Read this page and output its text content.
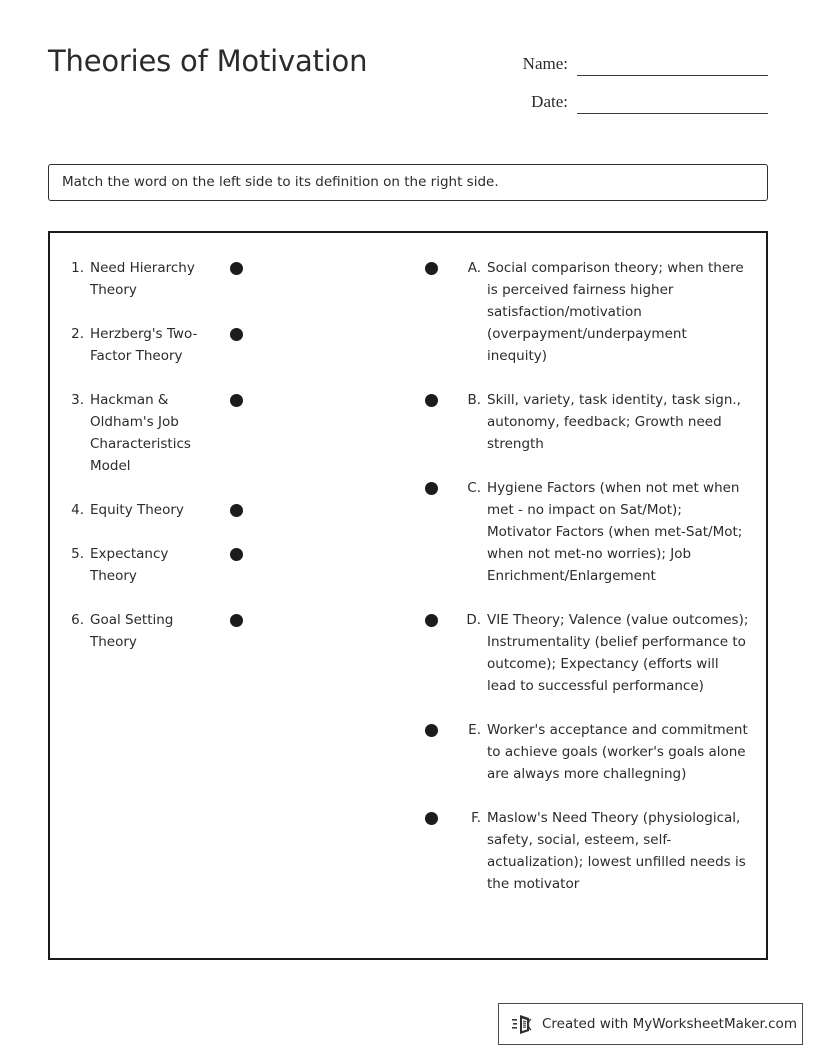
Theories of Motivation	Name:
Date:
Match the word on the left side to its definition on the right side.
1. Need Hierarchy Theory
2. Herzberg's Two-Factor Theory
3. Hackman & Oldham's Job Characteristics Model
4. Equity Theory
5. Expectancy Theory
6. Goal Setting Theory
A. Social comparison theory; when there is perceived fairness higher satisfaction/motivation (overpayment/underpayment inequity)
B. Skill, variety, task identity, task sign., autonomy, feedback; Growth need strength
C. Hygiene Factors (when not met when met - no impact on Sat/Mot); Motivator Factors (when met-Sat/Mot; when not met-no worries); Job Enrichment/Enlargement
D. VIE Theory; Valence (value outcomes); Instrumentality (belief performance to outcome); Expectancy (efforts will lead to successful performance)
E. Worker's acceptance and commitment to achieve goals (worker's goals alone are always more challegning)
F. Maslow's Need Theory (physiological, safety, social, esteem, self-actualization); lowest unfilled needs is the motivator
Created with MyWorksheetMaker.com
